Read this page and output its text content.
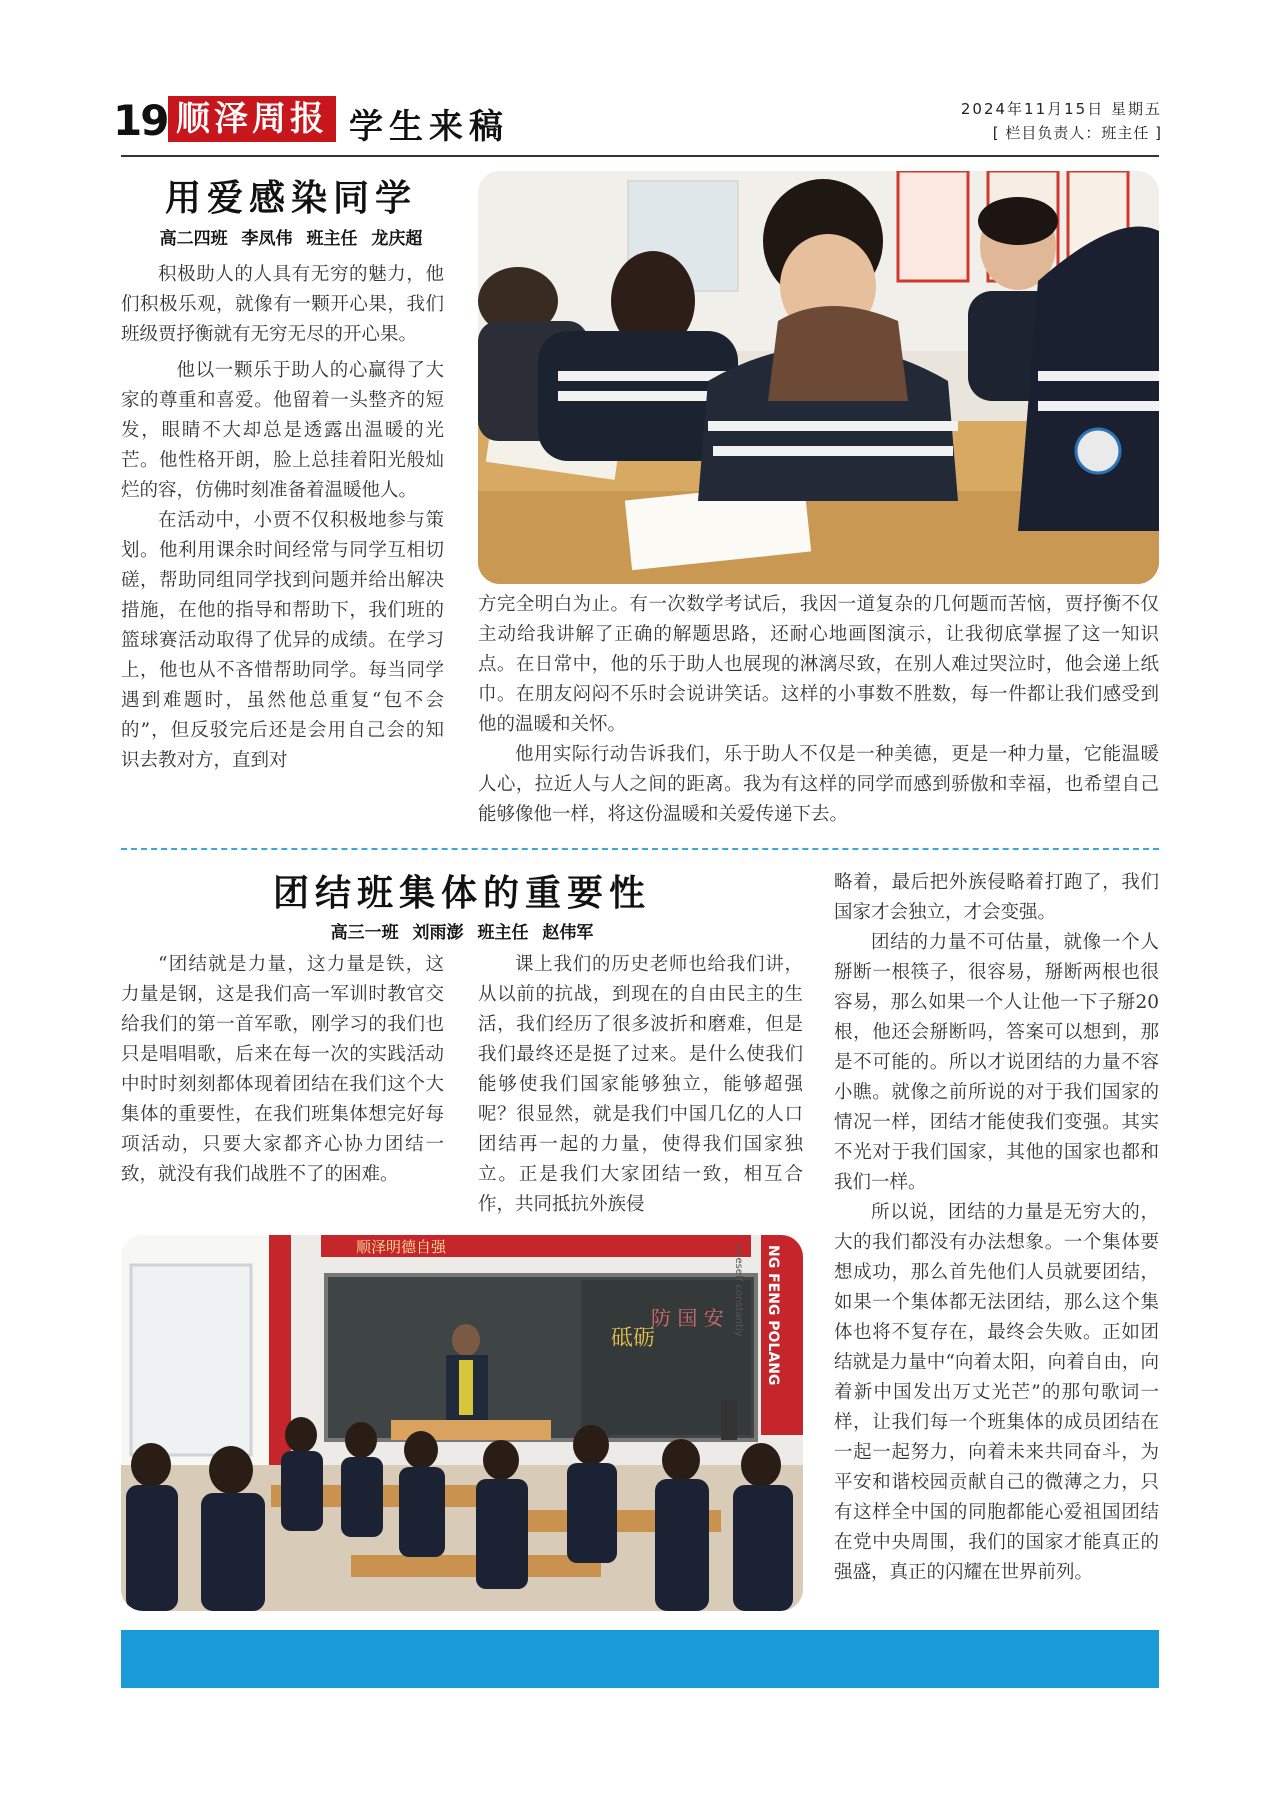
19 顺泽周报 学生来稿	2024年11月15日 星期五
[ 栏目负责人：班主任 ]
用爱感染同学
高二四班 李凤伟 班主任 龙庆超

积极助人的人具有无穷的魅力，他们积极乐观，就像有一颗开心果，我们班级贾抒衡就有无穷无尽的开心果。

他以一颗乐于助人的心赢得了大家的尊重和喜爱。他留着一头整齐的短发，眼睛不大却总是透露出温暖的光芒。他性格开朗，脸上总挂着阳光般灿烂的容，仿佛时刻准备着温暖他人。

在活动中，小贾不仅积极地参与策划。他利用课余时间经常与同学互相切磋，帮助同组同学找到问题并给出解决措施，在他的指导和帮助下，我们班的篮球赛活动取得了优异的成绩。在学习上，他也从不吝惜帮助同学。每当同学遇到难题时，虽然他总重复“包不会的”，但反驳完后还是会用自己会的知识去教对方，直到对

方完全明白为止。有一次数学考试后，我因一道复杂的几何题而苦恼，贾抒衡不仅主动给我讲解了正确的解题思路，还耐心地画图演示，让我彻底掌握了这一知识点。在日常中，他的乐于助人也展现的淋漓尽致，在别人难过哭泣时，他会递上纸巾。在朋友闷闷不乐时会说讲笑话。这样的小事数不胜数，每一件都让我们感受到他的温暖和关怀。

他用实际行动告诉我们，乐于助人不仅是一种美德，更是一种力量，它能温暖人心，拉近人与人之间的距离。我为有这样的同学而感到骄傲和幸福，也希望自己能够像他一样，将这份温暖和关爱传递下去。

团结班集体的重要性
高三一班 刘雨澎 班主任 赵伟军

“团结就是力量，这力量是铁，这力量是钢，这是我们高一军训时教官交给我们的第一首军歌，刚学习的我们也只是唱唱歌，后来在每一次的实践活动中时时刻刻都体现着团结在我们这个大集体的重要性，在我们班集体想完好每项活动，只要大家都齐心协力团结一致，就没有我们战胜不了的困难。

课上我们的历史老师也给我们讲，从以前的抗战，到现在的自由民主的生活，我们经历了很多波折和磨难，但是我们最终还是挺了过来。是什么使我们能够使我们国家能够独立，能够超强呢？很显然，就是我们中国几亿的人口团结再一起的力量，使得我们国家独立。正是我们大家团结一致，相互合作，共同抵抗外族侵

略着，最后把外族侵略着打跑了，我们国家才会独立，才会变强。

团结的力量不可估量，就像一个人掰断一根筷子，很容易，掰断两根也很容易，那么如果一个人让他一下子掰20根，他还会掰断吗，答案可以想到，那是不可能的。所以才说团结的力量不容小瞧。就像之前所说的对于我们国家的情况一样，团结才能使我们变强。其实不光对于我们国家，其他的国家也都和我们一样。

所以说，团结的力量是无穷大的，大的我们都没有办法想象。一个集体要想成功，那么首先他们人员就要团结，如果一个集体都无法团结，那么这个集体也将不复存在，最终会失败。正如团结就是力量中“向着太阳，向着自由，向着新中国发出万丈光芒”的那句歌词一样，让我们每一个班集体的成员团结在一起一起努力，向着未来共同奋斗，为平安和谐校园贡献自己的微薄之力，只有这样全中国的同胞都能心爱祖国团结在党中央周围，我们的国家才能真正的强盛，真正的闪耀在世界前列。

顺泽明德自强
砥砺
防 国 安	NG FENG POLANG
oneself constantly
